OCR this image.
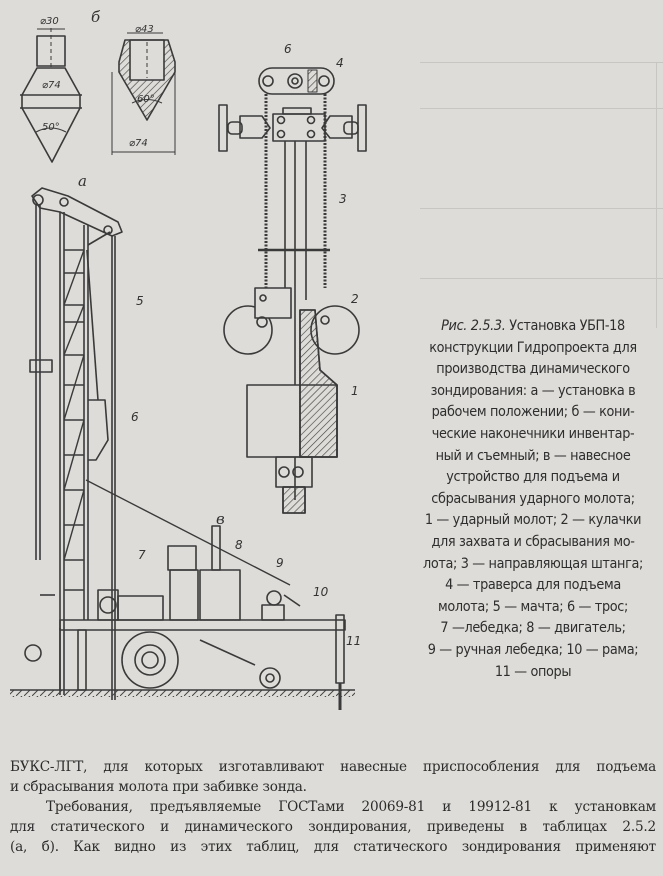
б
а
в
⌀30
⌀74
50°
⌀43
60°
⌀74
6
4
3
2
1
5
6
7
8
9
10
11

Рис. 2.5.3. Установка УБП-18

конструкции Гидропроекта для

производства динамического

зондирования: а — установка в

рабочем положении; б — кони-

ческие наконечники инвентар-

ный и съемный; в — навесное

устройство для подъема и

сбрасывания ударного молота;

1 — ударный молот; 2 — кулачки

для захвата и сбрасывания мо-

лота; 3 — направляющая штанга;

4 — траверса для подъема

молота; 5 — мачта; 6 — трос;

7 —лебедка; 8 — двигатель;

9 — ручная лебедка; 10 — рама;

11 — опоры

БУКС-ЛГТ, для которых изготавливают навесные приспособления для подъема

и сбрасывания молота при забивке зонда.

Требования, предъявляемые ГОСТами 20069-81 и 19912-81 к установкам

для статического и динамического зондирования, приведены в таблицах 2.5.2

(а, б). Как видно из этих таблиц, для статического зондирования применяют
